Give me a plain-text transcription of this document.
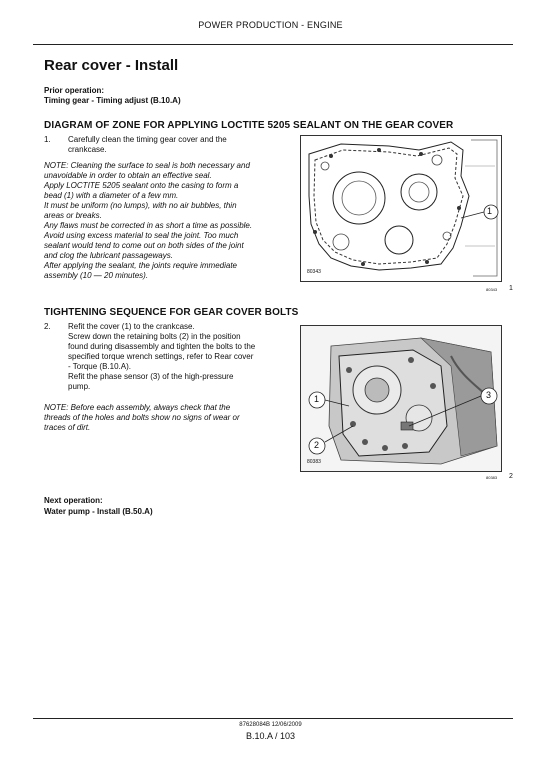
POWER PRODUCTION - ENGINE
Rear cover - Install
Prior operation:
Timing gear - Timing adjust (B.10.A)
DIAGRAM OF ZONE FOR APPLYING LOCTITE 5205 SEALANT ON THE GEAR COVER
1. Carefully clean the timing gear cover and the
crankcase.
NOTE: Cleaning the surface to seal is both necessary and
unavoidable in order to obtain an effective seal.
Apply LOCTITE 5205 sealant onto the casing to form a
bead (1) with a diameter of a few mm.
It must be uniform (no lumps), with no air bubbles, thin
areas or breaks.
Any flaws must be corrected in as short a time as possible.
Avoid using excess material to seal the joint. Too much
sealant would tend to come out on both sides of the joint
and clog the lubricant passageways.
After applying the sealant, the joints require immediate
assembly (10 — 20 minutes).
1
80343
80343 1
TIGHTENING SEQUENCE FOR GEAR COVER BOLTS
2. Refit the cover (1) to the crankcase.
Screw down the retaining bolts (2) in the position
found during disassembly and tighten the bolts to the
specified torque wrench settings, refer to Rear cover
- Torque (B.10.A).
Refit the phase sensor (3) of the high-pressure
pump.
NOTE: Before each assembly, always check that the
threads of the holes and bolts show no signs of wear or
traces of dirt.
1
2
3
80383
80383 2
Next operation:
Water pump - Install (B.50.A)
87628084B 12/06/2009
B.10.A / 103
